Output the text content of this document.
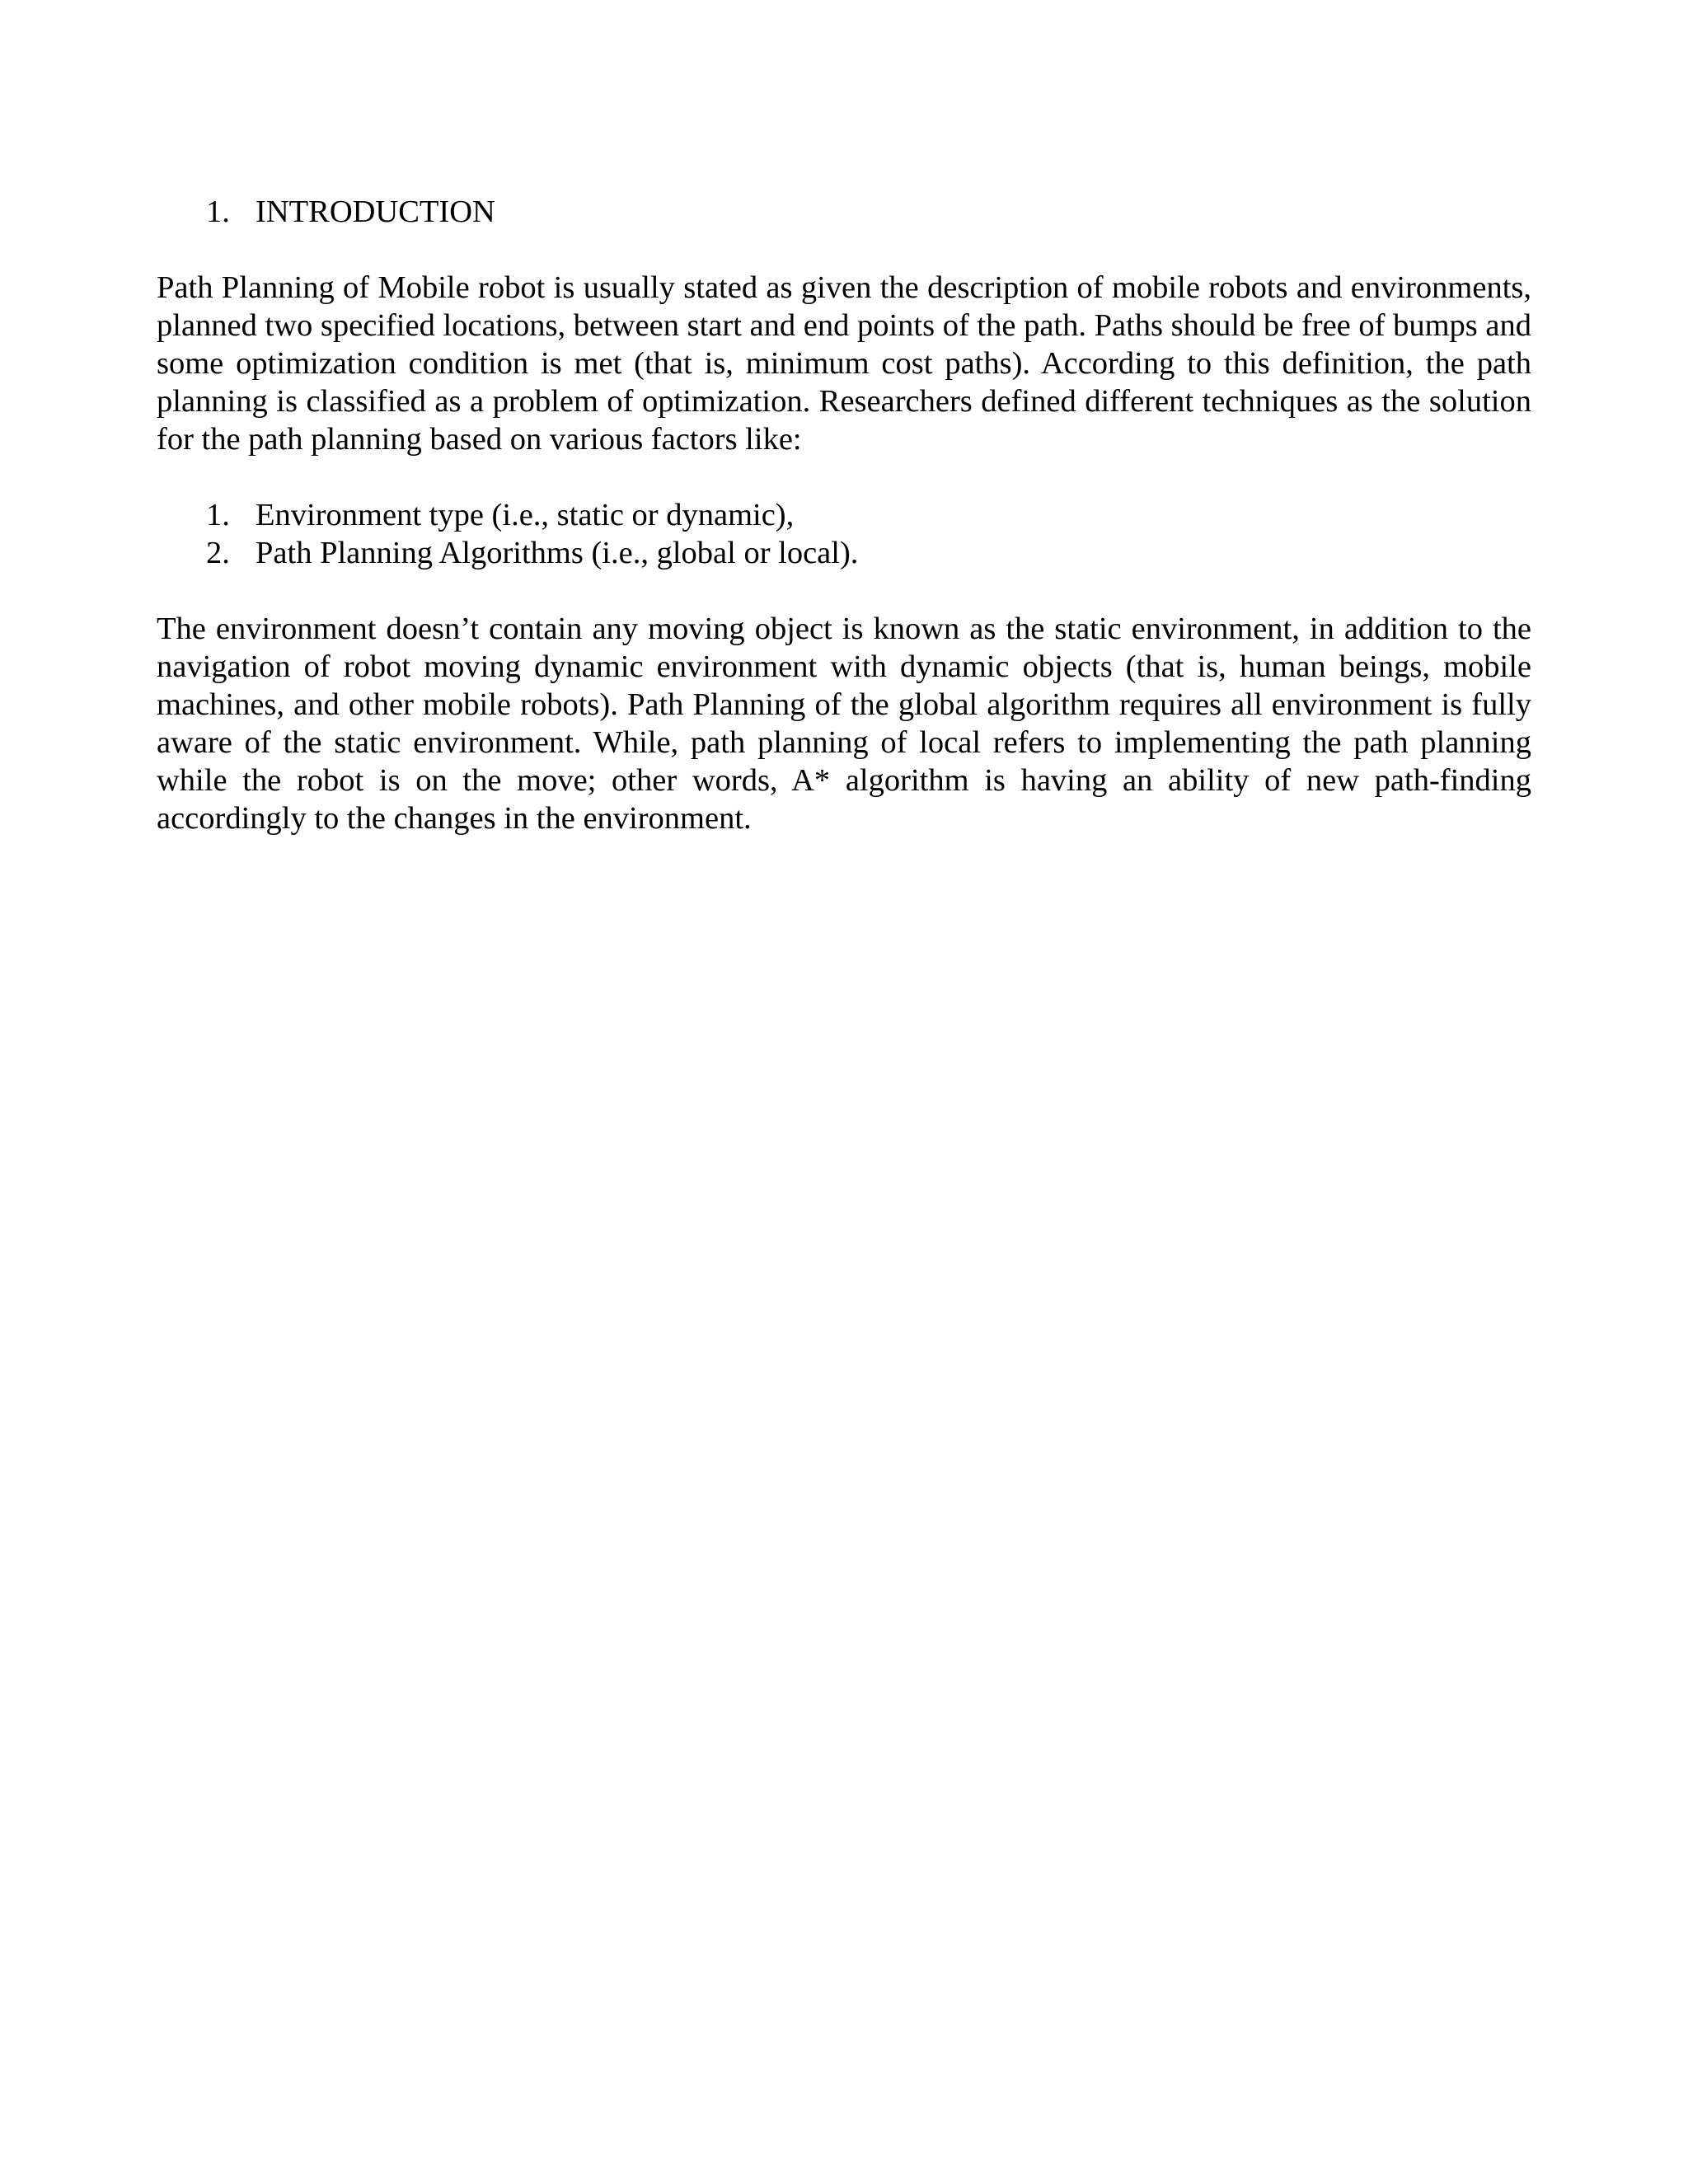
1. INTRODUCTION

Path Planning of Mobile robot is usually stated as given the description of mobile robots and environments, planned two specified locations, between start and end points of the path. Paths should be free of bumps and some optimization condition is met (that is, minimum cost paths). According to this definition, the path planning is classified as a problem of optimization. Researchers defined different techniques as the solution for the path planning based on various factors like:

1. Environment type (i.e., static or dynamic),
2. Path Planning Algorithms (i.e., global or local).

The environment doesn’t contain any moving object is known as the static environment, in addition to the navigation of robot moving dynamic environment with dynamic objects (that is, human beings, mobile machines, and other mobile robots). Path Planning of the global algorithm requires all environment is fully aware of the static environment. While, path planning of local refers to implementing the path planning while the robot is on the move; other words, A* algorithm is having an ability of new path-finding accordingly to the changes in the environment.
